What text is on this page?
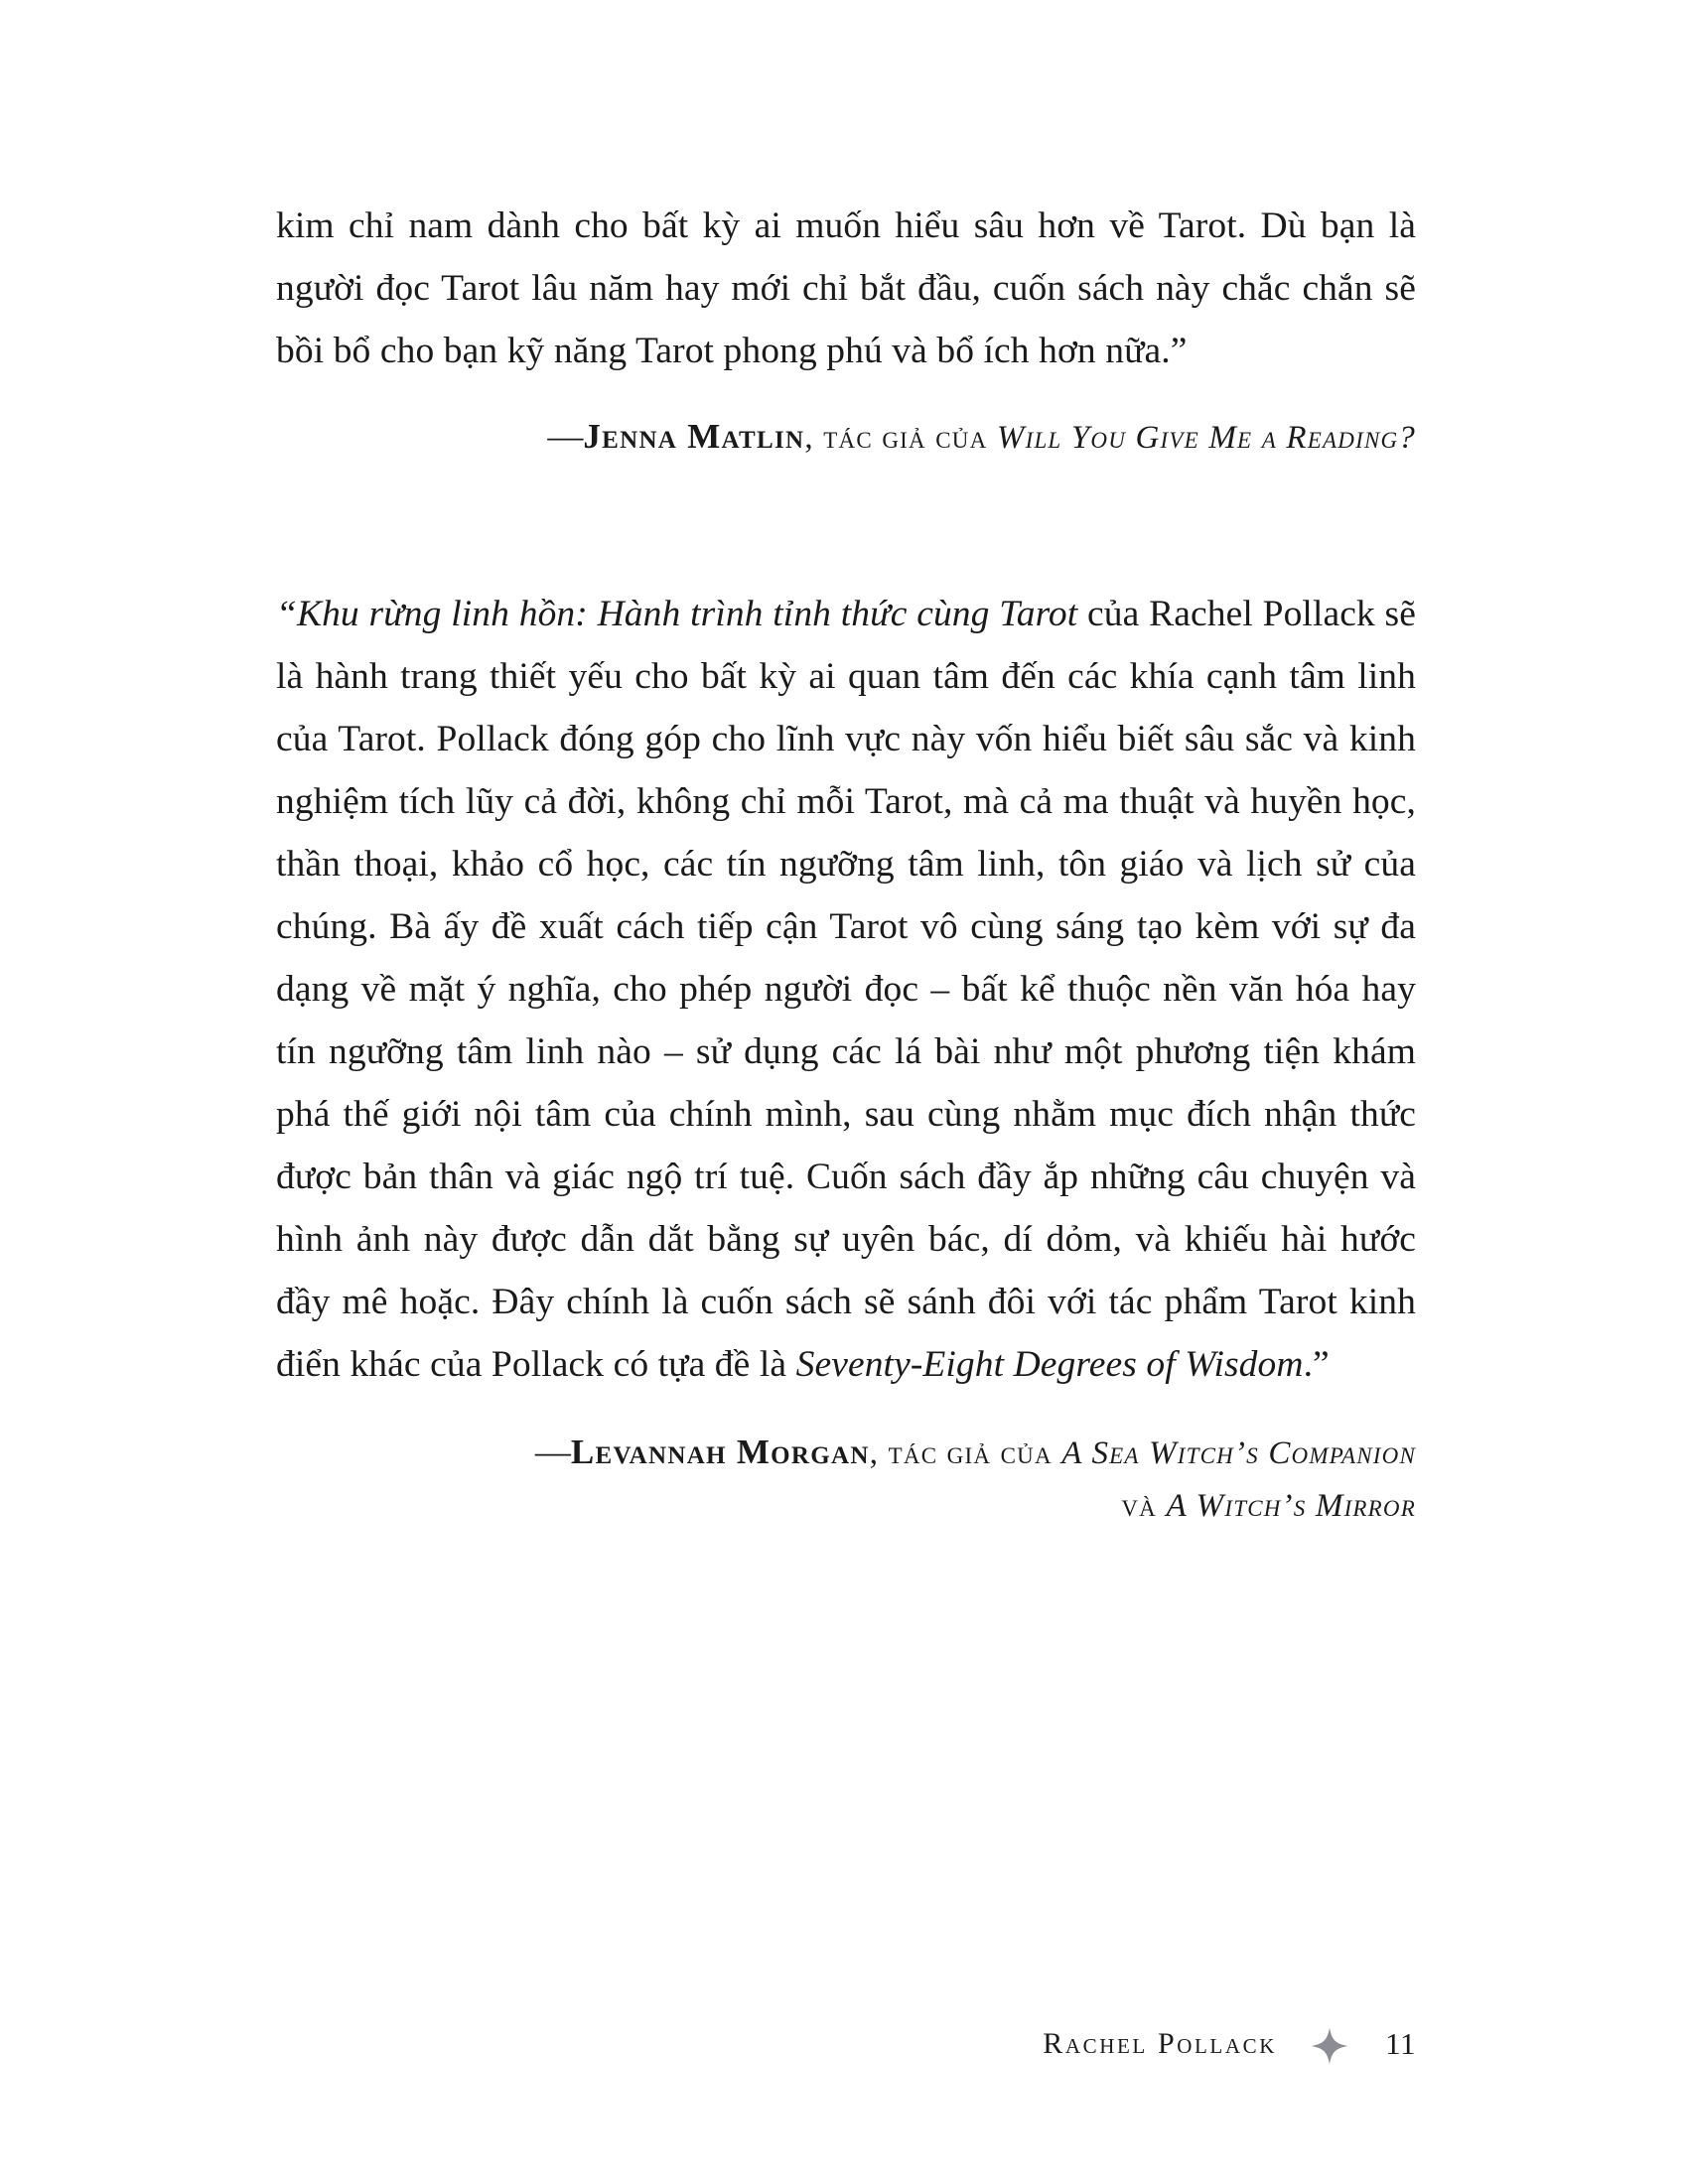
kim chỉ nam dành cho bất kỳ ai muốn hiểu sâu hơn về Tarot. Dù bạn là người đọc Tarot lâu năm hay mới chỉ bắt đầu, cuốn sách này chắc chắn sẽ bồi bổ cho bạn kỹ năng Tarot phong phú và bổ ích hơn nữa.”

—Jenna Matlin, tác giả của Will You Give Me a Reading?

“Khu rừng linh hồn: Hành trình tỉnh thức cùng Tarot của Rachel Pollack sẽ là hành trang thiết yếu cho bất kỳ ai quan tâm đến các khía cạnh tâm linh của Tarot. Pollack đóng góp cho lĩnh vực này vốn hiểu biết sâu sắc và kinh nghiệm tích lũy cả đời, không chỉ mỗi Tarot, mà cả ma thuật và huyền học, thần thoại, khảo cổ học, các tín ngưỡng tâm linh, tôn giáo và lịch sử của chúng. Bà ấy đề xuất cách tiếp cận Tarot vô cùng sáng tạo kèm với sự đa dạng về mặt ý nghĩa, cho phép người đọc – bất kể thuộc nền văn hóa hay tín ngưỡng tâm linh nào – sử dụng các lá bài như một phương tiện khám phá thế giới nội tâm của chính mình, sau cùng nhằm mục đích nhận thức được bản thân và giác ngộ trí tuệ. Cuốn sách đầy ắp những câu chuyện và hình ảnh này được dẫn dắt bằng sự uyên bác, dí dỏm, và khiếu hài hước đầy mê hoặc. Đây chính là cuốn sách sẽ sánh đôi với tác phẩm Tarot kinh điển khác của Pollack có tựa đề là Seventy-Eight Degrees of Wisdom.”

—Levannah Morgan, tác giả của A Sea Witch’s Companion
và A Witch’s Mirror
Rachel Pollack	11
